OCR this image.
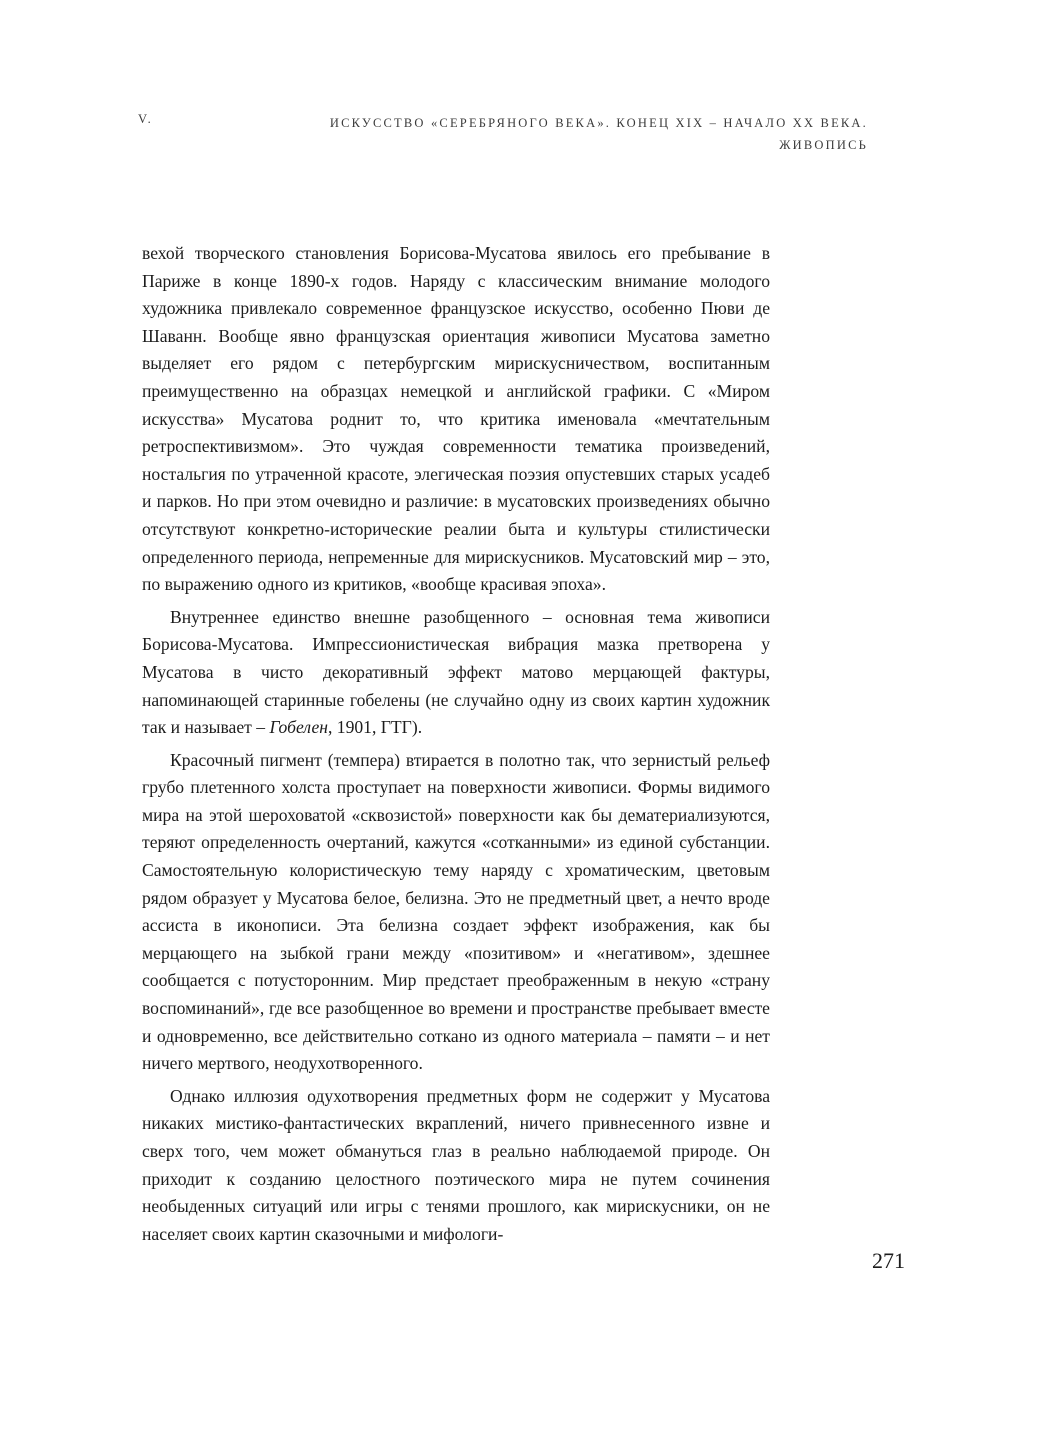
V.	ИСКУССТВО «СЕРЕБРЯНОГО ВЕКА». КОНЕЦ XIX – НАЧАЛО XX ВЕКА.
ЖИВОПИСЬ

вехой творческого становления Борисова-Мусатова явилось его пребывание в Париже в конце 1890-х годов. Наряду с классическим внимание молодого художника привлекало современное французское искусство, особенно Пюви де Шаванн. Вообще явно французская ориентация живописи Мусатова заметно выделяет его рядом с петербургским мирискусничеством, воспитанным преимущественно на образцах немецкой и английской графики. С «Миром искусства» Мусатова роднит то, что критика именовала «мечтательным ретроспективизмом». Это чуждая современности тематика произведений, ностальгия по утраченной красоте, элегическая поэзия опустевших старых усадеб и парков. Но при этом очевидно и различие: в мусатовских произведениях обычно отсутствуют конкретно-исторические реалии быта и культуры стилистически определенного периода, непременные для мирискусников. Мусатовский мир – это, по выражению одного из критиков, «вообще красивая эпоха».

Внутреннее единство внешне разобщенного – основная тема живописи Борисова-Мусатова. Импрессионистическая вибрация мазка претворена у Мусатова в чисто декоративный эффект матово мерцающей фактуры, напоминающей старинные гобелены (не случайно одну из своих картин художник так и называет – Гобелен, 1901, ГТГ).

Красочный пигмент (темпера) втирается в полотно так, что зернистый рельеф грубо плетенного холста проступает на поверхности живописи. Формы видимого мира на этой шероховатой «сквозистой» поверхности как бы дематериализуются, теряют определенность очертаний, кажутся «сотканными» из единой субстанции. Самостоятельную колористическую тему наряду с хроматическим, цветовым рядом образует у Мусатова белое, белизна. Это не предметный цвет, а нечто вроде ассиста в иконописи. Эта белизна создает эффект изображения, как бы мерцающего на зыбкой грани между «позитивом» и «негативом», здешнее сообщается с потусторонним. Мир предстает преображенным в некую «страну воспоминаний», где все разобщенное во времени и пространстве пребывает вместе и одновременно, все действительно соткано из одного материала – памяти – и нет ничего мертвого, неодухотворенного.

Однако иллюзия одухотворения предметных форм не содержит у Мусатова никаких мистико-фантастических вкраплений, ничего привнесенного извне и сверх того, чем может обмануться глаз в реально наблюдаемой природе. Он приходит к созданию целостного поэтического мира не путем сочинения необыденных ситуаций или игры с тенями прошлого, как мирискусники, он не населяет своих картин сказочными и мифологи-

271
